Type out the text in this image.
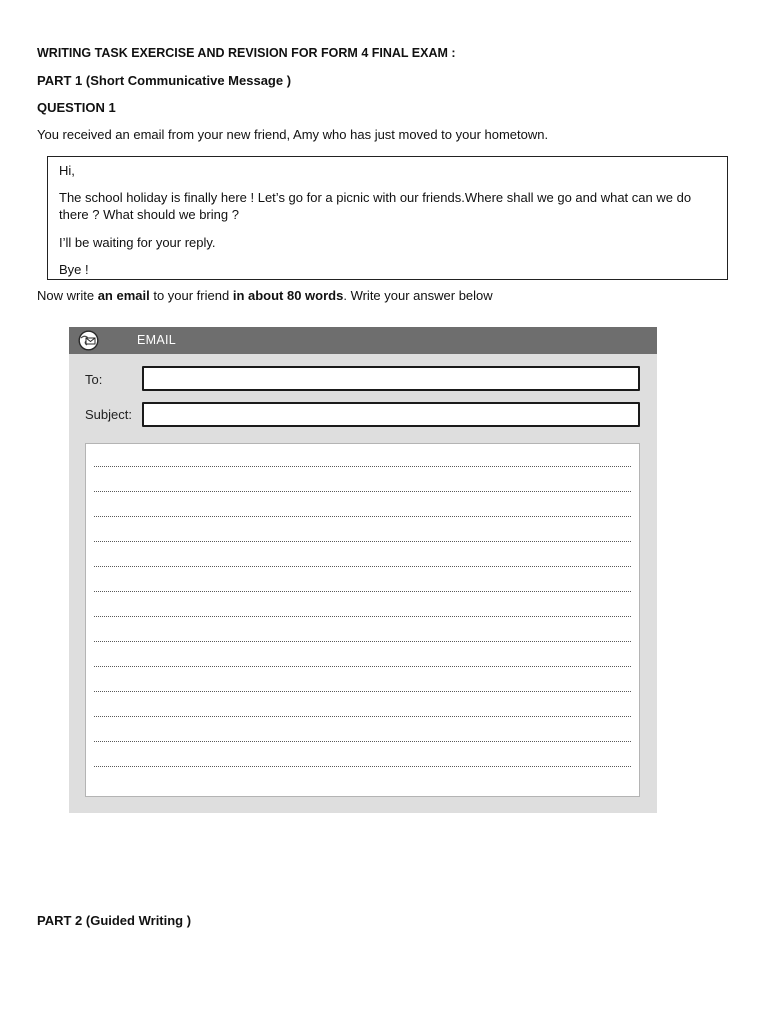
WRITING TASK EXERCISE AND REVISION FOR FORM 4 FINAL EXAM :
PART 1 (Short Communicative Message )
QUESTION 1
You received an email from your new friend, Amy who has just moved to your hometown.
Hi,
The school holiday is finally here ! Let’s go for a picnic with our friends.Where shall we go and what can we do
there ? What should we bring ?
I’ll be waiting for your reply.
Bye !
Now write an email to your friend in about 80 words. Write your answer below
EMAIL
To:
Subject:
PART 2 (Guided Writing )
